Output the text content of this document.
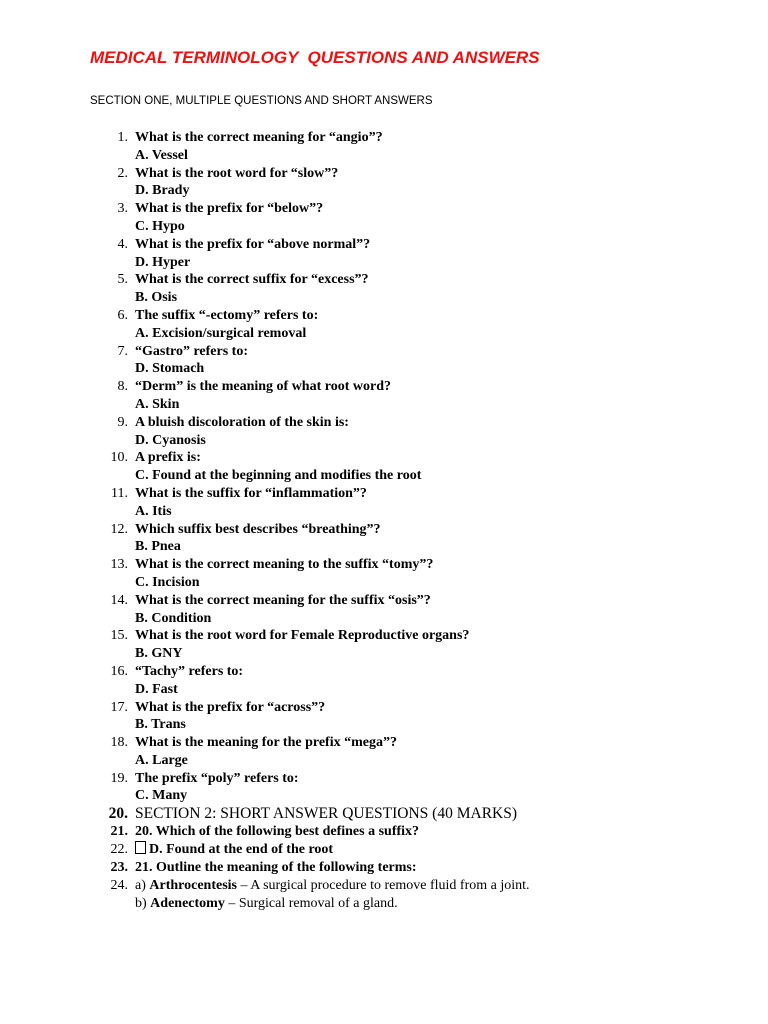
MEDICAL TERMINOLOGY  QUESTIONS AND ANSWERS
SECTION ONE, MULTIPLE QUESTIONS AND SHORT ANSWERS
1. What is the correct meaning for “angio”?
A. Vessel
2. What is the root word for “slow”?
D. Brady
3. What is the prefix for “below”?
C. Hypo
4. What is the prefix for “above normal”?
D. Hyper
5. What is the correct suffix for “excess”?
B. Osis
6. The suffix “-ectomy” refers to:
A. Excision/surgical removal
7. “Gastro” refers to:
D. Stomach
8. “Derm” is the meaning of what root word?
A. Skin
9. A bluish discoloration of the skin is:
D. Cyanosis
10. A prefix is:
C. Found at the beginning and modifies the root
11. What is the suffix for “inflammation”?
A. Itis
12. Which suffix best describes “breathing”?
B. Pnea
13. What is the correct meaning to the suffix “tomy”?
C. Incision
14. What is the correct meaning for the suffix “osis”?
B. Condition
15. What is the root word for Female Reproductive organs?
B. GNY
16. “Tachy” refers to:
D. Fast
17. What is the prefix for “across”?
B. Trans
18. What is the meaning for the prefix “mega”?
A. Large
19. The prefix “poly” refers to:
C. Many
20. SECTION 2: SHORT ANSWER QUESTIONS (40 MARKS)
21. 20. Which of the following best defines a suffix?
22.	D. Found at the end of the root
23. 21. Outline the meaning of the following terms:
24. a) Arthrocentesis – A surgical procedure to remove fluid from a joint.
b) Adenectomy – Surgical removal of a gland.
